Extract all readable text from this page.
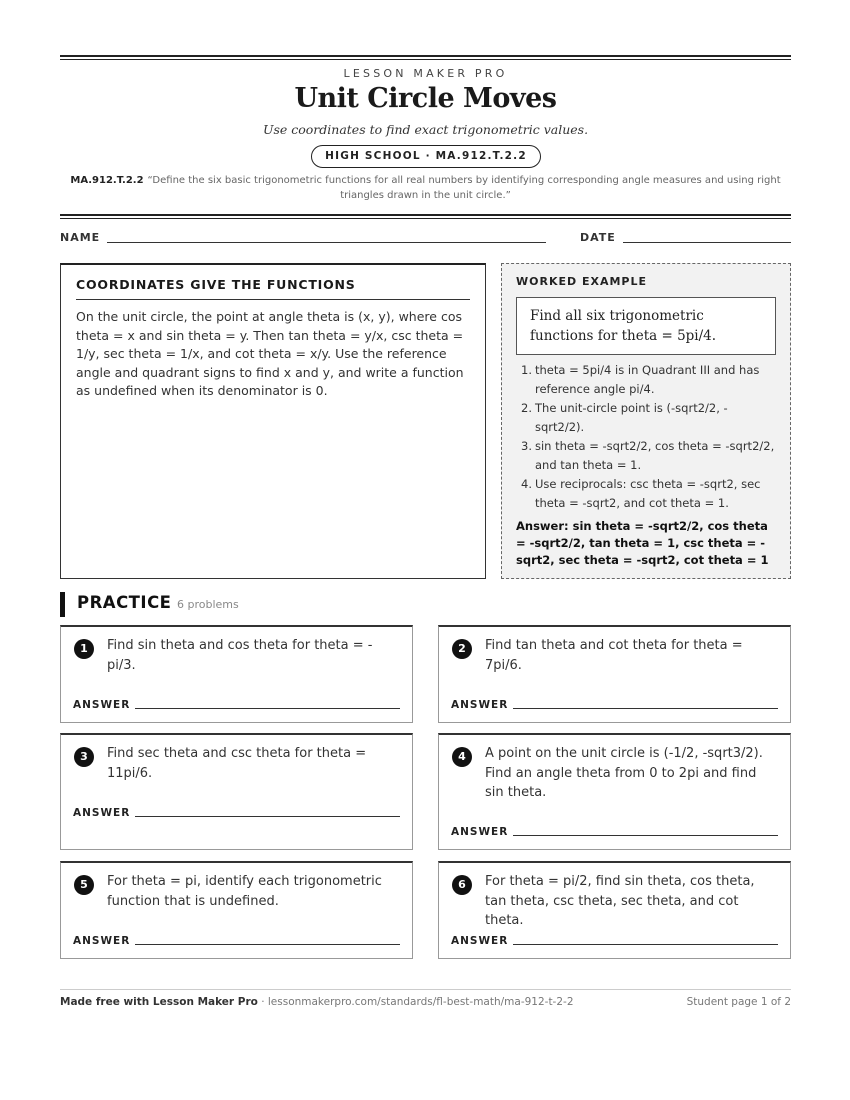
LESSON MAKER PRO
Unit Circle Moves
Use coordinates to find exact trigonometric values.
HIGH SCHOOL · MA.912.T.2.2
MA.912.T.2.2 “Define the six basic trigonometric functions for all real numbers by identifying corresponding angle measures and using right triangles drawn in the unit circle.”
NAME	DATE
COORDINATES GIVE THE FUNCTIONS
On the unit circle, the point at angle theta is (x, y), where cos theta = x and sin theta = y. Then tan theta = y/x, csc theta = 1/y, sec theta = 1/x, and cot theta = x/y. Use the reference angle and quadrant signs to find x and y, and write a function as undefined when its denominator is 0.
WORKED EXAMPLE
Find all six trigonometric functions for theta = 5pi/4.
1. theta = 5pi/4 is in Quadrant III and has reference angle pi/4.
2. The unit-circle point is (-sqrt2/2, -sqrt2/2).
3. sin theta = -sqrt2/2, cos theta = -sqrt2/2, and tan theta = 1.
4. Use reciprocals: csc theta = -sqrt2, sec theta = -sqrt2, and cot theta = 1.
Answer: sin theta = -sqrt2/2, cos theta = -sqrt2/2, tan theta = 1, csc theta = -sqrt2, sec theta = -sqrt2, cot theta = 1
PRACTICE 6 problems
1	Find sin theta and cos theta for theta = -pi/3.
ANSWER
2	Find tan theta and cot theta for theta = 7pi/6.
ANSWER
3	Find sec theta and csc theta for theta = 11pi/6.
ANSWER
4	A point on the unit circle is (-1/2, -sqrt3/2). Find an angle theta from 0 to 2pi and find sin theta.
ANSWER
5	For theta = pi, identify each trigonometric function that is undefined.
ANSWER
6	For theta = pi/2, find sin theta, cos theta, tan theta, csc theta, sec theta, and cot theta.
ANSWER
Made free with Lesson Maker Pro · lessonmakerpro.com/standards/fl-best-math/ma-912-t-2-2	Student page 1 of 2
